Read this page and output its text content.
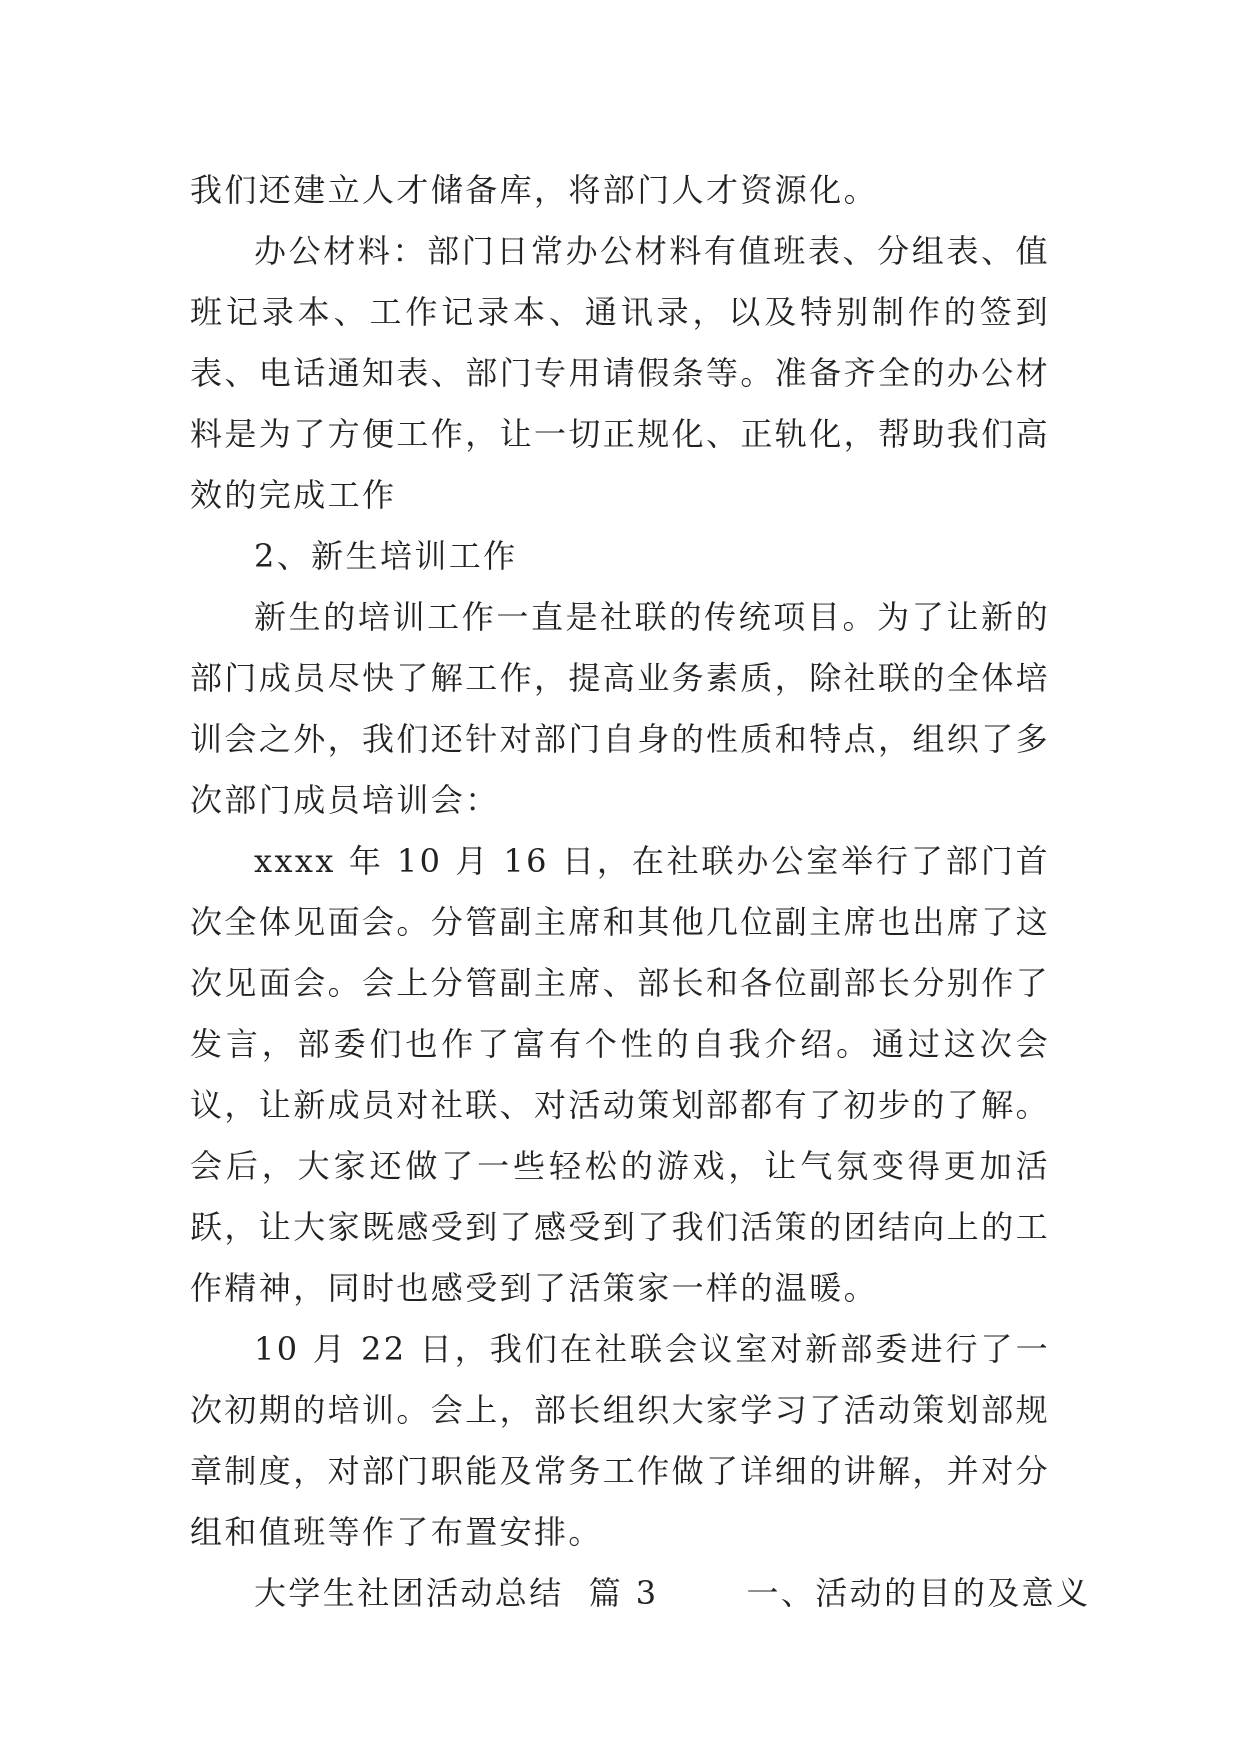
我们还建立人才储备库，将部门人才资源化。

办公材料：部门日常办公材料有值班表、分组表、值班记录本、工作记录本、通讯录，以及特别制作的签到表、电话通知表、部门专用请假条等。准备齐全的办公材料是为了方便工作，让一切正规化、正轨化，帮助我们高效的完成工作

2、新生培训工作

新生的培训工作一直是社联的传统项目。为了让新的部门成员尽快了解工作，提高业务素质，除社联的全体培训会之外，我们还针对部门自身的性质和特点，组织了多次部门成员培训会：

xxxx 年 10 月 16 日，在社联办公室举行了部门首次全体见面会。分管副主席和其他几位副主席也出席了这次见面会。会上分管副主席、部长和各位副部长分别作了发言，部委们也作了富有个性的自我介绍。通过这次会议，让新成员对社联、对活动策划部都有了初步的了解。会后，大家还做了一些轻松的游戏，让气氛变得更加活跃，让大家既感受到了感受到了我们活策的团结向上的工作精神，同时也感受到了活策家一样的温暖。

10 月 22 日，我们在社联会议室对新部委进行了一次初期的培训。会上，部长组织大家学习了活动策划部规章制度，对部门职能及常务工作做了详细的讲解，并对分组和值班等作了布置安排。

大学生社团活动总结  篇 3       一、活动的目的及意义
